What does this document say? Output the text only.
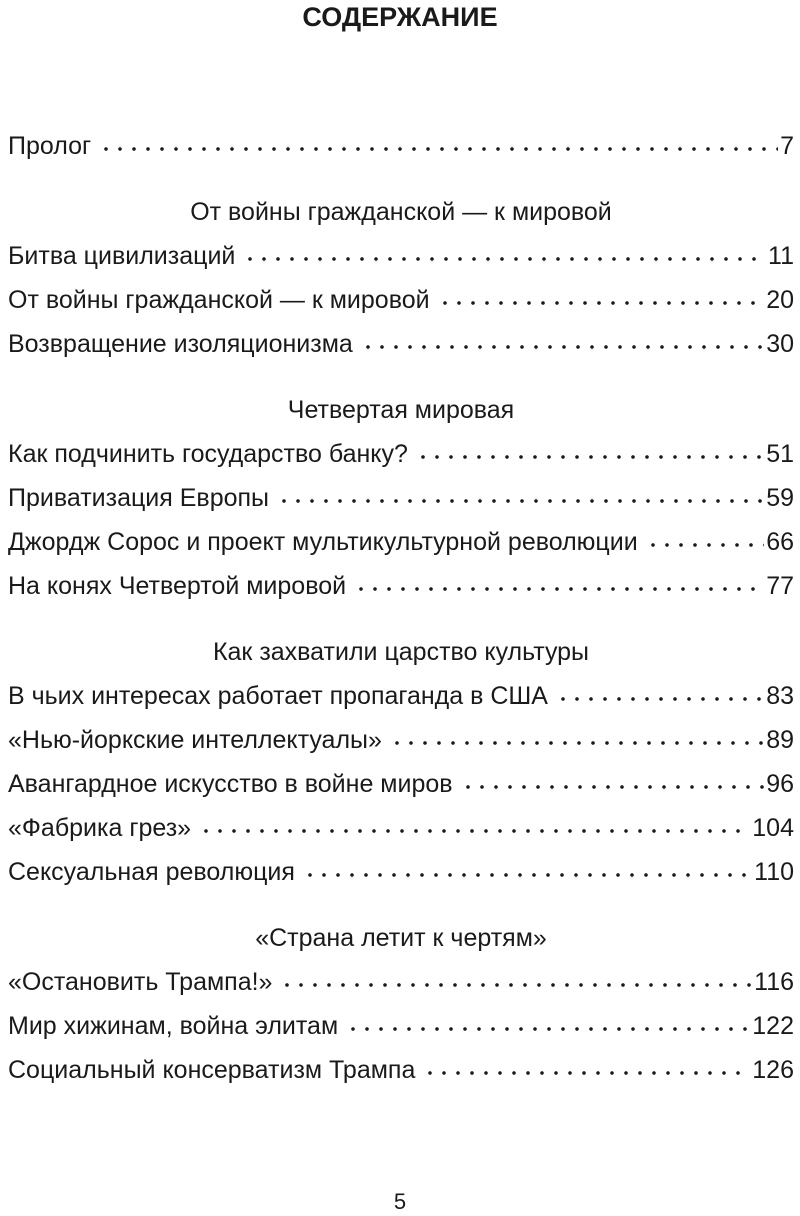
СОДЕРЖАНИЕ
Пролог	7
От войны гражданской — к мировой
Битва цивилизаций	11
От войны гражданской — к мировой	20
Возвращение изоляционизма	30
Четвертая мировая
Как подчинить государство банку?	51
Приватизация Европы	59
Джордж Сорос и проект мультикультурной революции	66
На конях Четвертой мировой	77
Как захватили царство культуры
В чьих интересах работает пропаганда в США	83
«Нью-йоркские интеллектуалы»	89
Авангардное искусство в войне миров	96
«Фабрика грез»	104
Сексуальная революция	110
«Страна летит к чертям»
«Остановить Трампа!»	116
Мир хижинам, война элитам	122
Социальный консерватизм Трампа	126
5
